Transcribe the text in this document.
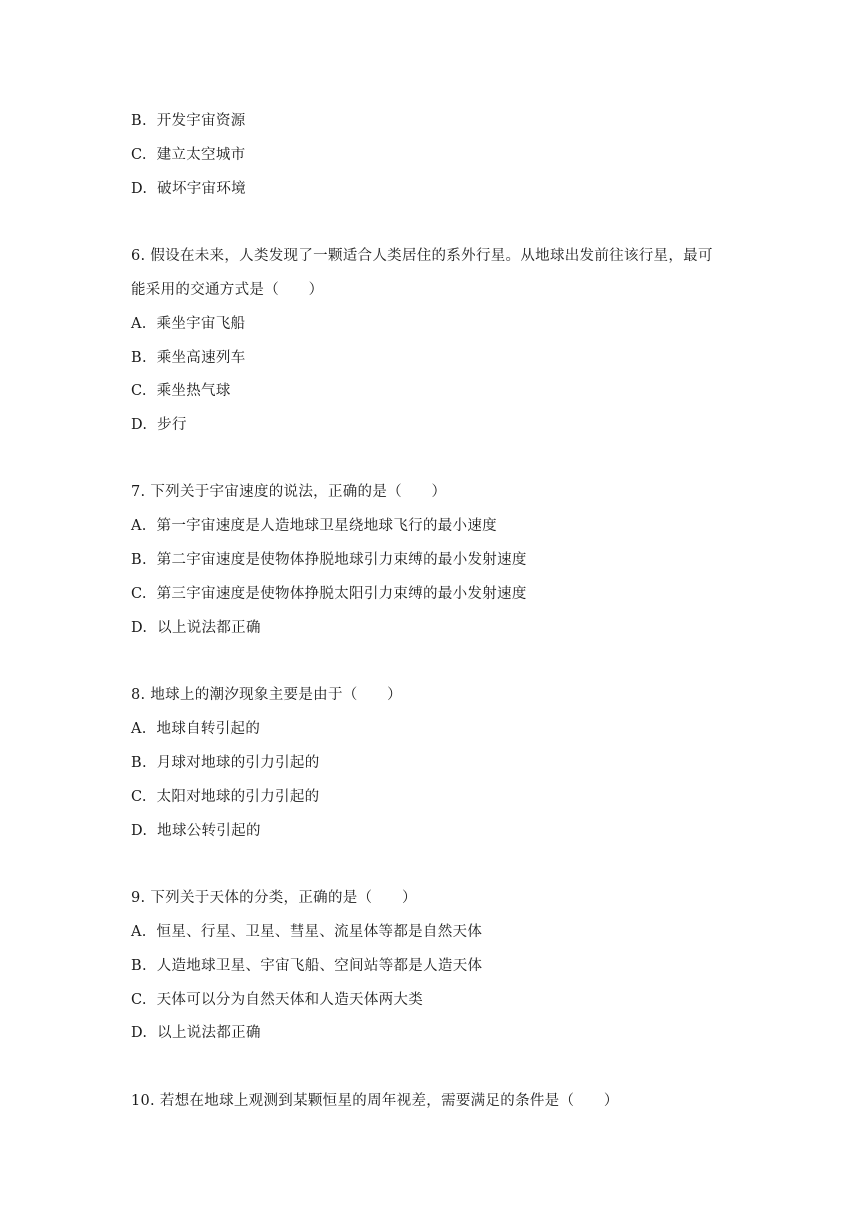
B. 开发宇宙资源
C. 建立太空城市
D. 破坏宇宙环境
6. 假设在未来，人类发现了一颗适合人类居住的系外行星。从地球出发前往该行星，最可
能采用的交通方式是（　　）
A. 乘坐宇宙飞船
B. 乘坐高速列车
C. 乘坐热气球
D. 步行
7. 下列关于宇宙速度的说法，正确的是（　　）
A. 第一宇宙速度是人造地球卫星绕地球飞行的最小速度
B. 第二宇宙速度是使物体挣脱地球引力束缚的最小发射速度
C. 第三宇宙速度是使物体挣脱太阳引力束缚的最小发射速度
D. 以上说法都正确
8. 地球上的潮汐现象主要是由于（　　）
A. 地球自转引起的
B. 月球对地球的引力引起的
C. 太阳对地球的引力引起的
D. 地球公转引起的
9. 下列关于天体的分类，正确的是（　　）
A. 恒星、行星、卫星、彗星、流星体等都是自然天体
B. 人造地球卫星、宇宙飞船、空间站等都是人造天体
C. 天体可以分为自然天体和人造天体两大类
D. 以上说法都正确
10. 若想在地球上观测到某颗恒星的周年视差，需要满足的条件是（　　）
